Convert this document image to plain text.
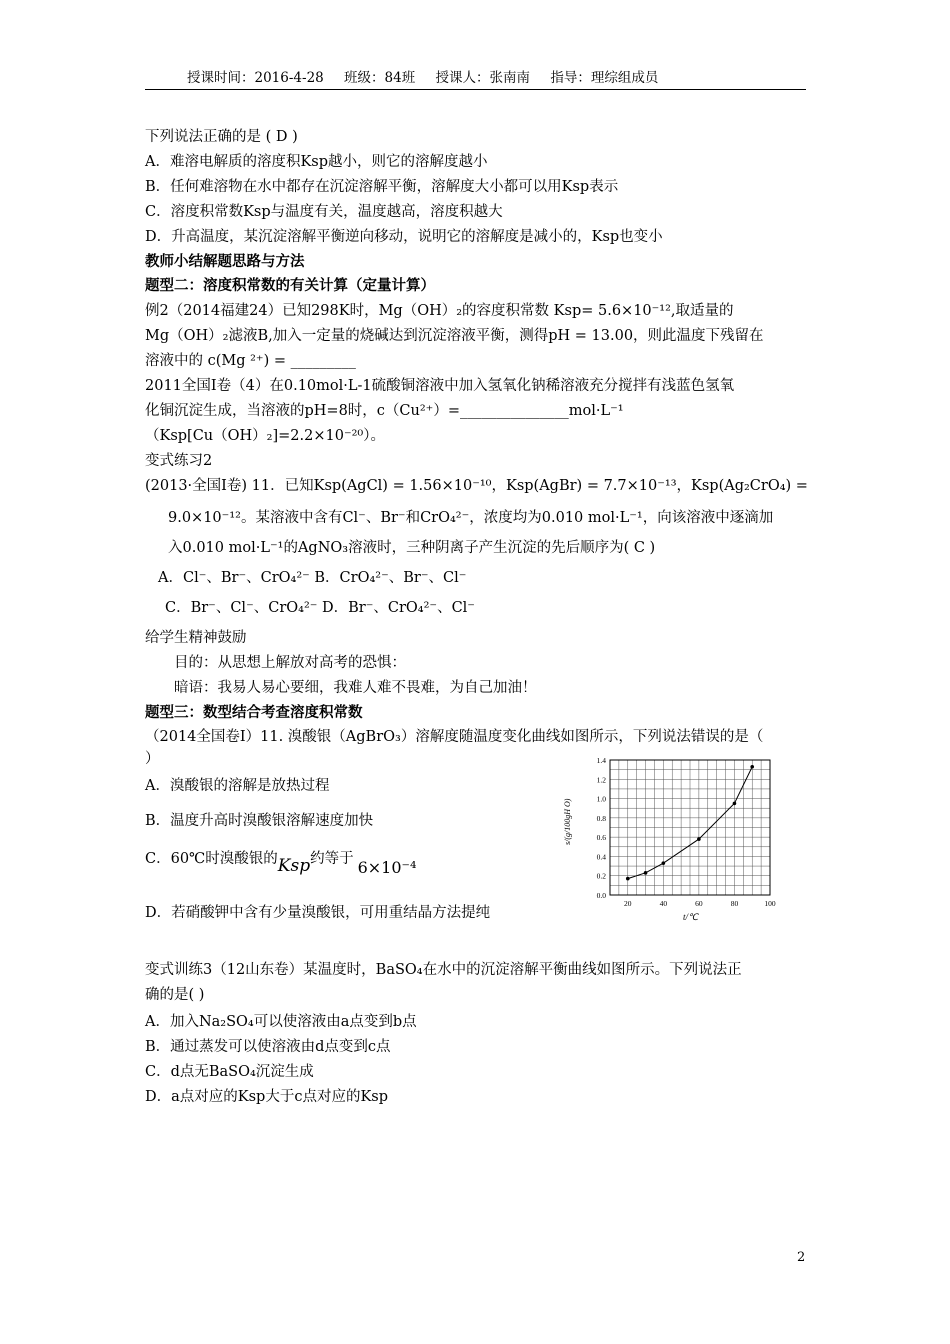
授课时间：2016-4-28 班级：84班 授课人：张南南 指导：理综组成员
下列说法正确的是 ( D )
A．难溶电解质的溶度积Ksp越小，则它的溶解度越小
B．任何难溶物在水中都存在沉淀溶解平衡，溶解度大小都可以用Ksp表示
C．溶度积常数Ksp与温度有关，温度越高，溶度积越大
D．升高温度，某沉淀溶解平衡逆向移动，说明它的溶解度是减小的，Ksp也变小
教师小结解题思路与方法
题型二：溶度积常数的有关计算（定量计算）
例2（2014福建24）已知298K时，Mg（OH）₂的容度积常数 Ksp= 5.6×10⁻¹²,取适量的
Mg（OH）₂滤液B,加入一定量的烧碱达到沉淀溶液平衡，测得pH = 13.00，则此温度下残留在
溶液中的 c(Mg ²⁺) = _________
2011全国Ⅰ卷（4）在0.10mol·L-1硫酸铜溶液中加入氢氧化钠稀溶液充分搅拌有浅蓝色氢氧
化铜沉淀生成，当溶液的pH=8时，c（Cu²⁺）=_______________mol·L⁻¹
（Ksp[Cu（OH）₂]=2.2×10⁻²⁰）。
变式练习2
(2013·全国Ⅰ卷) 11．已知Ksp(AgCl) = 1.56×10⁻¹⁰，Ksp(AgBr) = 7.7×10⁻¹³，Ksp(Ag₂CrO₄) =
9.0×10⁻¹²。某溶液中含有Cl⁻、Br⁻和CrO₄²⁻，浓度均为0.010 mol·L⁻¹，向该溶液中逐滴加
入0.010 mol·L⁻¹的AgNO₃溶液时，三种阴离子产生沉淀的先后顺序为( C )
A．Cl⁻、Br⁻、CrO₄²⁻ B．CrO₄²⁻、Br⁻、Cl⁻
C．Br⁻、Cl⁻、CrO₄²⁻ D．Br⁻、CrO₄²⁻、Cl⁻
给学生精神鼓励
目的：从思想上解放对高考的恐惧：
暗语：我易人易心要细，我难人难不畏难，为自己加油！
题型三：数型结合考查溶度积常数
（2014全国卷Ⅰ）11. 溴酸银（AgBrO₃）溶解度随温度变化曲线如图所示，下列说法错误的是（
）
A．溴酸银的溶解是放热过程
B．温度升高时溴酸银溶解速度加快
C．60℃时溴酸银的Ksp约等于 6×10⁻⁴
D．若硝酸钾中含有少量溴酸银，可用重结晶方法提纯
0.0
0.2
0.4
0.6
0.8
1.0
1.2
1.4
20	40	60	80	100
s/(g/100gH O)
t/℃
变式训练3（12山东卷）某温度时，BaSO₄在水中的沉淀溶解平衡曲线如图所示。下列说法正
确的是( )
A．加入Na₂SO₄可以使溶液由a点变到b点
B．通过蒸发可以使溶液由d点变到c点
C．d点无BaSO₄沉淀生成
D．a点对应的Ksp大于c点对应的Ksp
2
